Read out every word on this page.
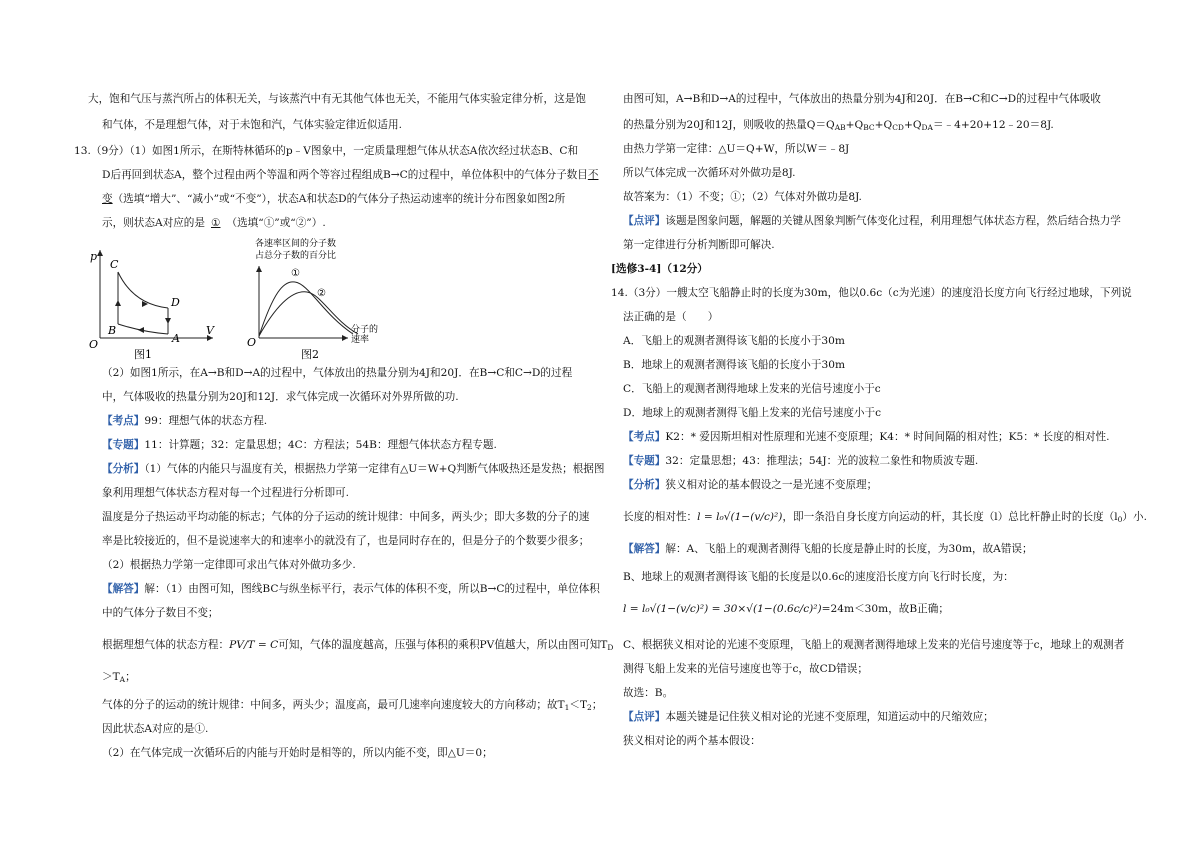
大，饱和气压与蒸汽所占的体积无关，与该蒸汽中有无其他气体也无关，不能用气体实验定律分析，这是饱
和气体，不是理想气体，对于未饱和汽，气体实验定律近似适用.
13.（9分）（1）如图1所示，在斯特林循环的p﹣V图象中，一定质量理想气体从状态A依次经过状态B、C和
D后再回到状态A，整个过程由两个等温和两个等容过程组成B→C的过程中，单位体积中的气体分子数目不
变（选填“增大”、“减小”或“不变”），状态A和状态D的气体分子热运动速率的统计分布图象如图2所
示，则状态A对应的是 ① （选填“①”或“②”）.
p
V
O
C
B
D
A
图1
各速率区间的分子数
占总分子数的百分比
①
②
O
分子的
速率
图2
（2）如图1所示，在A→B和D→A的过程中，气体放出的热量分别为4J和20J．在B→C和C→D的过程
中，气体吸收的热量分别为20J和12J．求气体完成一次循环对外界所做的功.
【考点】99：理想气体的状态方程.
【专题】11：计算题；32：定量思想；4C：方程法；54B：理想气体状态方程专题.
【分析】（1）气体的内能只与温度有关，根据热力学第一定律有△U＝W+Q判断气体吸热还是发热；根据图
象利用理想气体状态方程对每一个过程进行分析即可.
温度是分子热运动平均动能的标志；气体的分子运动的统计规律：中间多，两头少；即大多数的分子的速
率是比较接近的，但不是说速率大的和速率小的就没有了，也是同时存在的，但是分子的个数要少很多；
（2）根据热力学第一定律即可求出气体对外做功多少.
【解答】解：（1）由图可知，图线BC与纵坐标平行，表示气体的体积不变，所以B→C的过程中，单位体积
中的气体分子数目不变；
根据理想气体的状态方程：PV/T = C可知，气体的温度越高，压强与体积的乘积PV值越大，所以由图可知$T_D$
$>T_A$；
气体的分子的运动的统计规律：中间多，两头少；温度高，最可几速率向速度较大的方向移动；故$T_1<T_2$；
因此状态A对应的是①.
（2）在气体完成一次循环后的内能与开始时是相等的，所以内能不变，即△U＝0；
由图可知，A→B和D→A的过程中，气体放出的热量分别为4J和20J．在B→C和C→D的过程中气体吸收
的热量分别为20J和12J，则吸收的热量$Q=Q_{AB}+Q_{BC}+Q_{CD}+Q_{DA}=﹣4+20+12﹣20=8J$.
由热力学第一定律：△U＝Q+W，所以W＝﹣8J
所以气体完成一次循环对外做功是8J.
故答案为：（1）不变；①；（2）气体对外做功是8J.
【点评】该题是图象问题，解题的关键从图象判断气体变化过程，利用理想气体状态方程，然后结合热力学
第一定律进行分析判断即可解决.
[选修3-4]（12分）
14.（3分）一艘太空飞船静止时的长度为30m，他以0.6c（c为光速）的速度沿长度方向飞行经过地球，下列说
法正确的是（　　）
A．飞船上的观测者测得该飞船的长度小于30m
B．地球上的观测者测得该飞船的长度小于30m
C．飞船上的观测者测得地球上发来的光信号速度小于c
D．地球上的观测者测得飞船上发来的光信号速度小于c
【考点】K2：* 爱因斯坦相对性原理和光速不变原理；K4：* 时间间隔的相对性；K5：* 长度的相对性.
【专题】32：定量思想；43：推理法；54J：光的波粒二象性和物质波专题.
【分析】狭义相对论的基本假设之一是光速不变原理；
长度的相对性：l = l₀√(1−(v/c)²)，即一条沿自身长度方向运动的杆，其长度（l）总比杆静止时的长度$(l_0)$小.
【解答】解：A、飞船上的观测者测得飞船的长度是静止时的长度，为30m，故A错误；
B、地球上的观测者测得该飞船的长度是以0.6c的速度沿长度方向飞行时长度，为：
l = l₀√(1−(v/c)²) = 30×√(1−(0.6c/c)²)=24m＜30m，故B正确；
C、根据狭义相对论的光速不变原理，飞船上的观测者测得地球上发来的光信号速度等于c，地球上的观测者
测得飞船上发来的光信号速度也等于c，故CD错误；
故选：B。
【点评】本题关键是记住狭义相对论的光速不变原理，知道运动中的尺缩效应；
狭义相对论的两个基本假设：
